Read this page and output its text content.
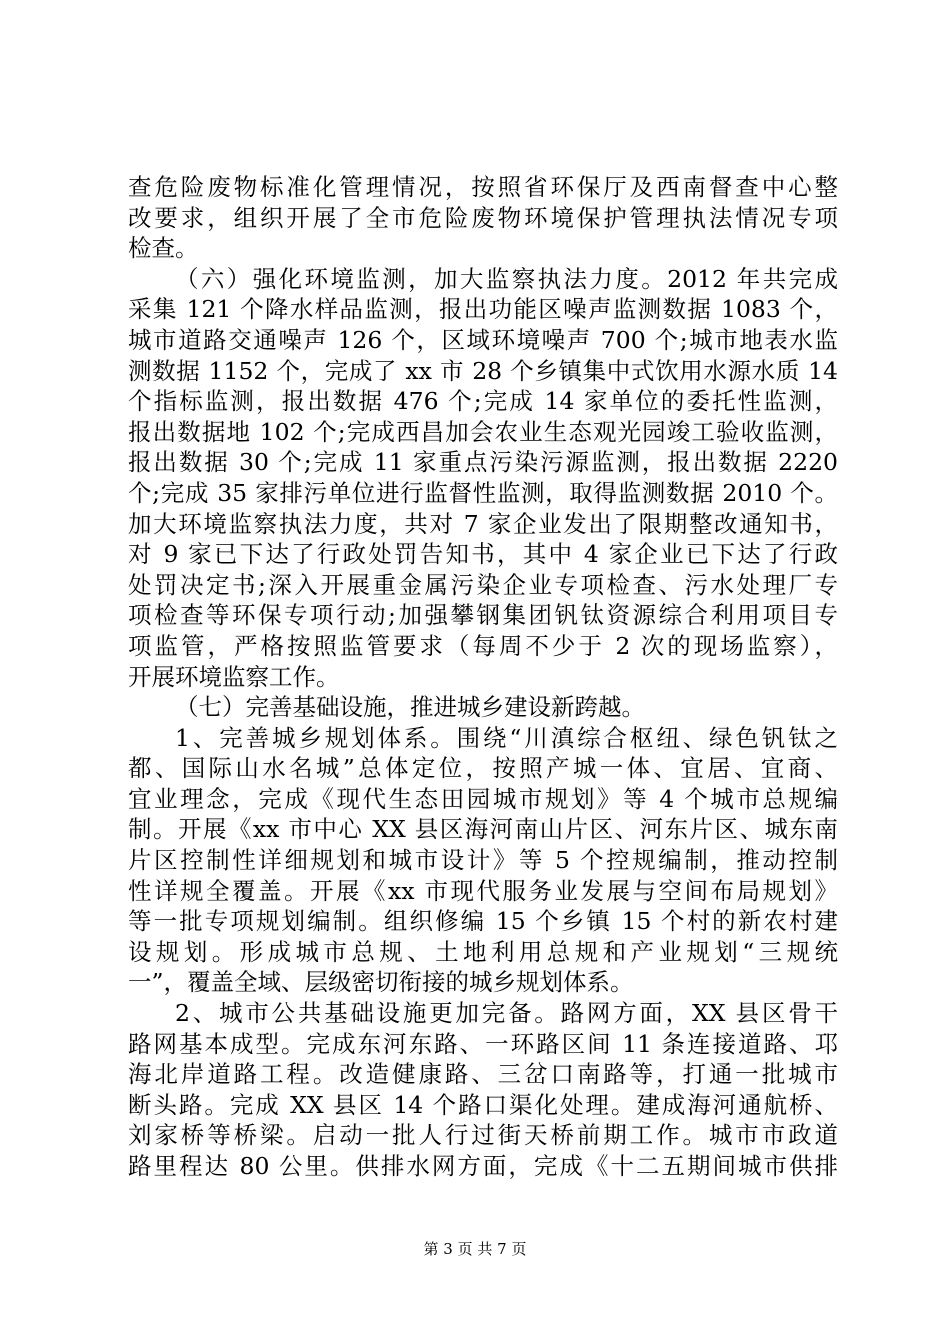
查危险废物标准化管理情况，按照省环保厅及西南督查中心整
改要求，组织开展了全市危险废物环境保护管理执法情况专项
检查。
（六）强化环境监测，加大监察执法力度。2012 年共完成
采集 121 个降水样品监测，报出功能区噪声监测数据 1083 个，
城市道路交通噪声 126 个，区域环境噪声 700 个;城市地表水监
测数据 1152 个，完成了 xx 市 28 个乡镇集中式饮用水源水质 14
个指标监测，报出数据 476 个;完成 14 家单位的委托性监测，
报出数据地 102 个;完成西昌加会农业生态观光园竣工验收监测，
报出数据 30 个;完成 11 家重点污染污源监测，报出数据 2220
个;完成 35 家排污单位进行监督性监测，取得监测数据 2010 个。
加大环境监察执法力度，共对 7 家企业发出了限期整改通知书，
对 9 家已下达了行政处罚告知书，其中 4 家企业已下达了行政
处罚决定书;深入开展重金属污染企业专项检查、污水处理厂专
项检查等环保专项行动;加强攀钢集团钒钛资源综合利用项目专
项监管，严格按照监管要求（每周不少于 2 次的现场监察），
开展环境监察工作。
（七）完善基础设施，推进城乡建设新跨越。
1、完善城乡规划体系。围绕“川滇综合枢纽、绿色钒钛之
都、国际山水名城”总体定位，按照产城一体、宜居、宜商、
宜业理念，完成《现代生态田园城市规划》等 4 个城市总规编
制。开展《xx 市中心 XX 县区海河南山片区、河东片区、城东南
片区控制性详细规划和城市设计》等 5 个控规编制，推动控制
性详规全覆盖。开展《xx 市现代服务业发展与空间布局规划》
等一批专项规划编制。组织修编 15 个乡镇 15 个村的新农村建
设规划。形成城市总规、土地利用总规和产业规划“三规统
一”，覆盖全域、层级密切衔接的城乡规划体系。
2、城市公共基础设施更加完备。路网方面，XX 县区骨干
路网基本成型。完成东河东路、一环路区间 11 条连接道路、邛
海北岸道路工程。改造健康路、三岔口南路等，打通一批城市
断头路。完成 XX 县区 14 个路口渠化处理。建成海河通航桥、
刘家桥等桥梁。启动一批人行过街天桥前期工作。城市市政道
路里程达 80 公里。供排水网方面，完成《十二五期间城市供排
第 3 页 共 7 页
